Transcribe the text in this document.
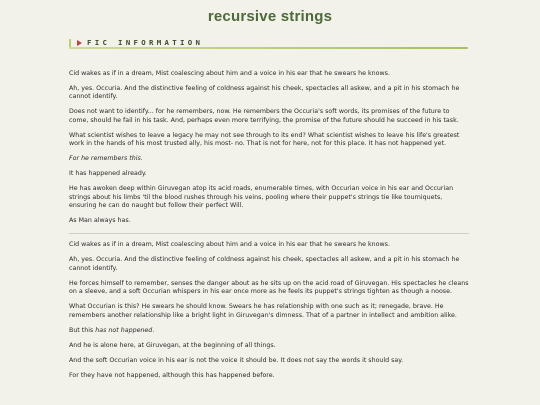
recursive strings
FIC INFORMATION

Cid wakes as if in a dream, Mist coalescing about him and a voice in his ear that he swears he knows.

Ah, yes. Occuria. And the distinctive feeling of coldness against his cheek, spectacles all askew, and a pit in his stomach he cannot identify.

Does not want to identify... for he remembers, now. He remembers the Occuria's soft words, its promises of the future to come, should he fail in his task. And, perhaps even more terrifying, the promise of the future should he succeed in his task.

What scientist wishes to leave a legacy he may not see through to its end? What scientist wishes to leave his life's greatest work in the hands of his most trusted ally, his most- no. That is not for here, not for this place. It has not happened yet.

For he remembers this.

It has happened already.

He has awoken deep within Giruvegan atop its acid roads, enumerable times, with Occurian voice in his ear and Occurian strings about his limbs 'til the blood rushes through his veins, pooling where their puppet's strings tie like tourniquets, ensuring he can do naught but follow their perfect Will.

As Man always has.

Cid wakes as if in a dream, Mist coalescing about him and a voice in his ear that he swears he knows.

Ah, yes. Occuria. And the distinctive feeling of coldness against his cheek, spectacles all askew, and a pit in his stomach he cannot identify.

He forces himself to remember, senses the danger about as he sits up on the acid road of Giruvegan. His spectacles he cleans on a sleeve, and a soft Occurian whispers in his ear once more as he feels its puppet's strings tighten as though a noose.

What Occurian is this? He swears he should know. Swears he has relationship with one such as it; renegade, brave. He remembers another relationship like a bright light in Giruvegan's dimness. That of a partner in intellect and ambition alike.

But this has not happened.

And he is alone here, at Giruvegan, at the beginning of all things.

And the soft Occurian voice in his ear is not the voice it should be. It does not say the words it should say.

For they have not happened, although this has happened before.
